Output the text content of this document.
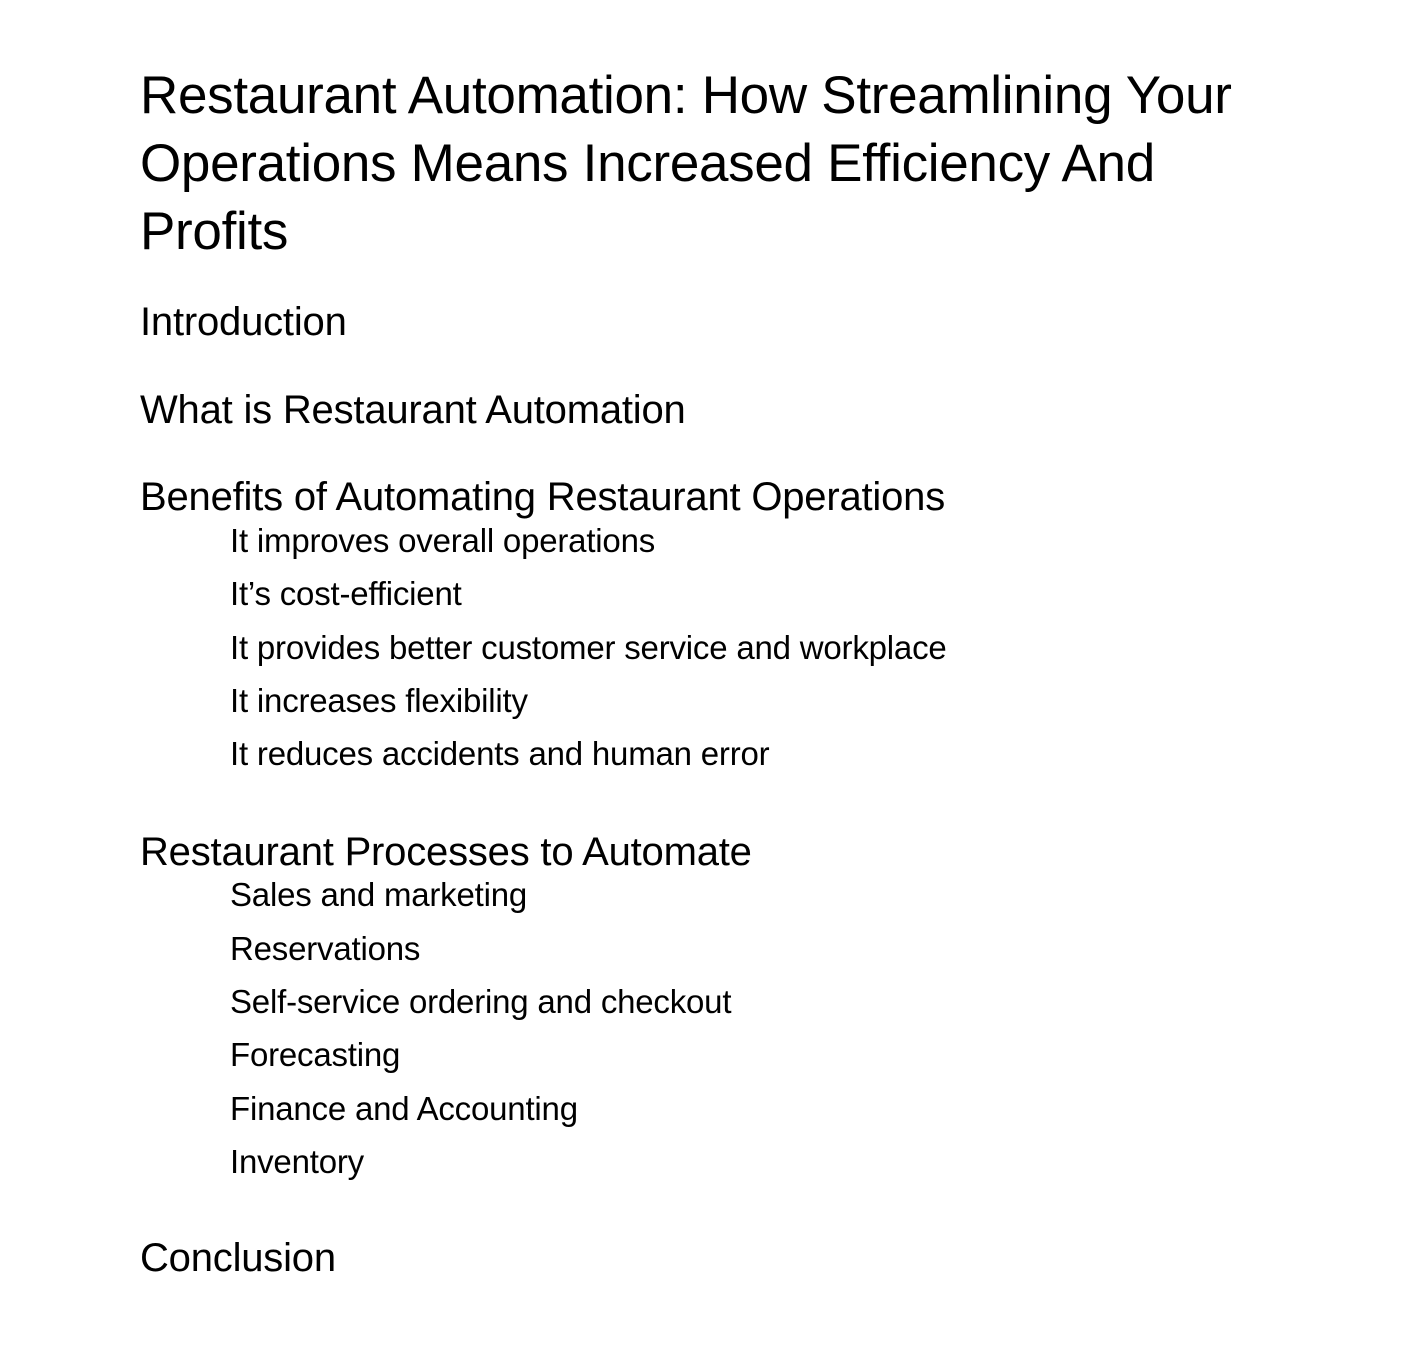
Restaurant Automation: How Streamlining Your Operations Means Increased Efficiency And Profits
Introduction
What is Restaurant Automation
Benefits of Automating Restaurant Operations

It improves overall operations

It’s cost-efficient

It provides better customer service and workplace

It increases flexibility

It reduces accidents and human error

Restaurant Processes to Automate

Sales and marketing

Reservations

Self-service ordering and checkout

Forecasting

Finance and Accounting

Inventory

Conclusion
